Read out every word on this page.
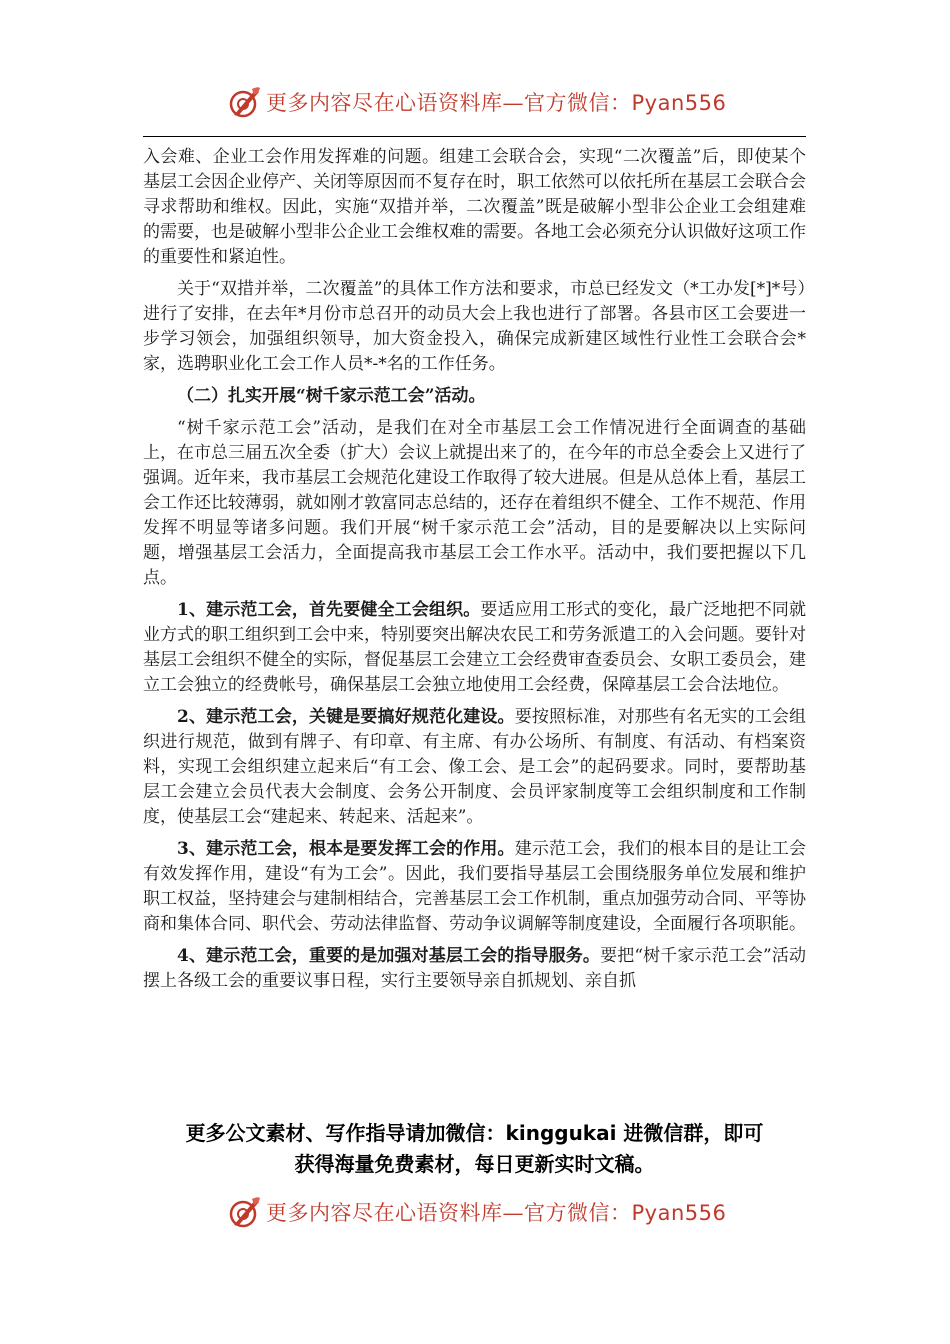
更多内容尽在心语资料库—官方微信：Pyan556

入会难、企业工会作用发挥难的问题。组建工会联合会，实现“二次覆盖”后，即使某个基层工会因企业停产、关闭等原因而不复存在时，职工依然可以依托所在基层工会联合会寻求帮助和维权。因此，实施“双措并举，二次覆盖”既是破解小型非公企业工会组建难的需要，也是破解小型非公企业工会维权难的需要。各地工会必须充分认识做好这项工作的重要性和紧迫性。

关于“双措并举，二次覆盖”的具体工作方法和要求，市总已经发文（*工办发[*]*号）进行了安排，在去年*月份市总召开的动员大会上我也进行了部署。各县市区工会要进一步学习领会，加强组织领导，加大资金投入，确保完成新建区域性行业性工会联合会*家，选聘职业化工会工作人员*-*名的工作任务。

（二）扎实开展“树千家示范工会”活动。

“树千家示范工会”活动，是我们在对全市基层工会工作情况进行全面调查的基础上，在市总三届五次全委（扩大）会议上就提出来了的，在今年的市总全委会上又进行了强调。近年来，我市基层工会规范化建设工作取得了较大进展。但是从总体上看，基层工会工作还比较薄弱，就如刚才敦富同志总结的，还存在着组织不健全、工作不规范、作用发挥不明显等诸多问题。我们开展“树千家示范工会”活动，目的是要解决以上实际问题，增强基层工会活力，全面提高我市基层工会工作水平。活动中，我们要把握以下几点。

1、建示范工会，首先要健全工会组织。要适应用工形式的变化，最广泛地把不同就业方式的职工组织到工会中来，特别要突出解决农民工和劳务派遣工的入会问题。要针对基层工会组织不健全的实际，督促基层工会建立工会经费审查委员会、女职工委员会，建立工会独立的经费帐号，确保基层工会独立地使用工会经费，保障基层工会合法地位。

2、建示范工会，关键是要搞好规范化建设。要按照标准，对那些有名无实的工会组织进行规范，做到有牌子、有印章、有主席、有办公场所、有制度、有活动、有档案资料，实现工会组织建立起来后“有工会、像工会、是工会”的起码要求。同时，要帮助基层工会建立会员代表大会制度、会务公开制度、会员评家制度等工会组织制度和工作制度，使基层工会“建起来、转起来、活起来”。

3、建示范工会，根本是要发挥工会的作用。建示范工会，我们的根本目的是让工会有效发挥作用，建设“有为工会”。因此，我们要指导基层工会围绕服务单位发展和维护职工权益，坚持建会与建制相结合，完善基层工会工作机制，重点加强劳动合同、平等协商和集体合同、职代会、劳动法律监督、劳动争议调解等制度建设，全面履行各项职能。

4、建示范工会，重要的是加强对基层工会的指导服务。要把“树千家示范工会”活动摆上各级工会的重要议事日程，实行主要领导亲自抓规划、亲自抓

更多公文素材、写作指导请加微信：kinggukai 进微信群，即可
获得海量免费素材，每日更新实时文稿。
更多内容尽在心语资料库—官方微信：Pyan556
